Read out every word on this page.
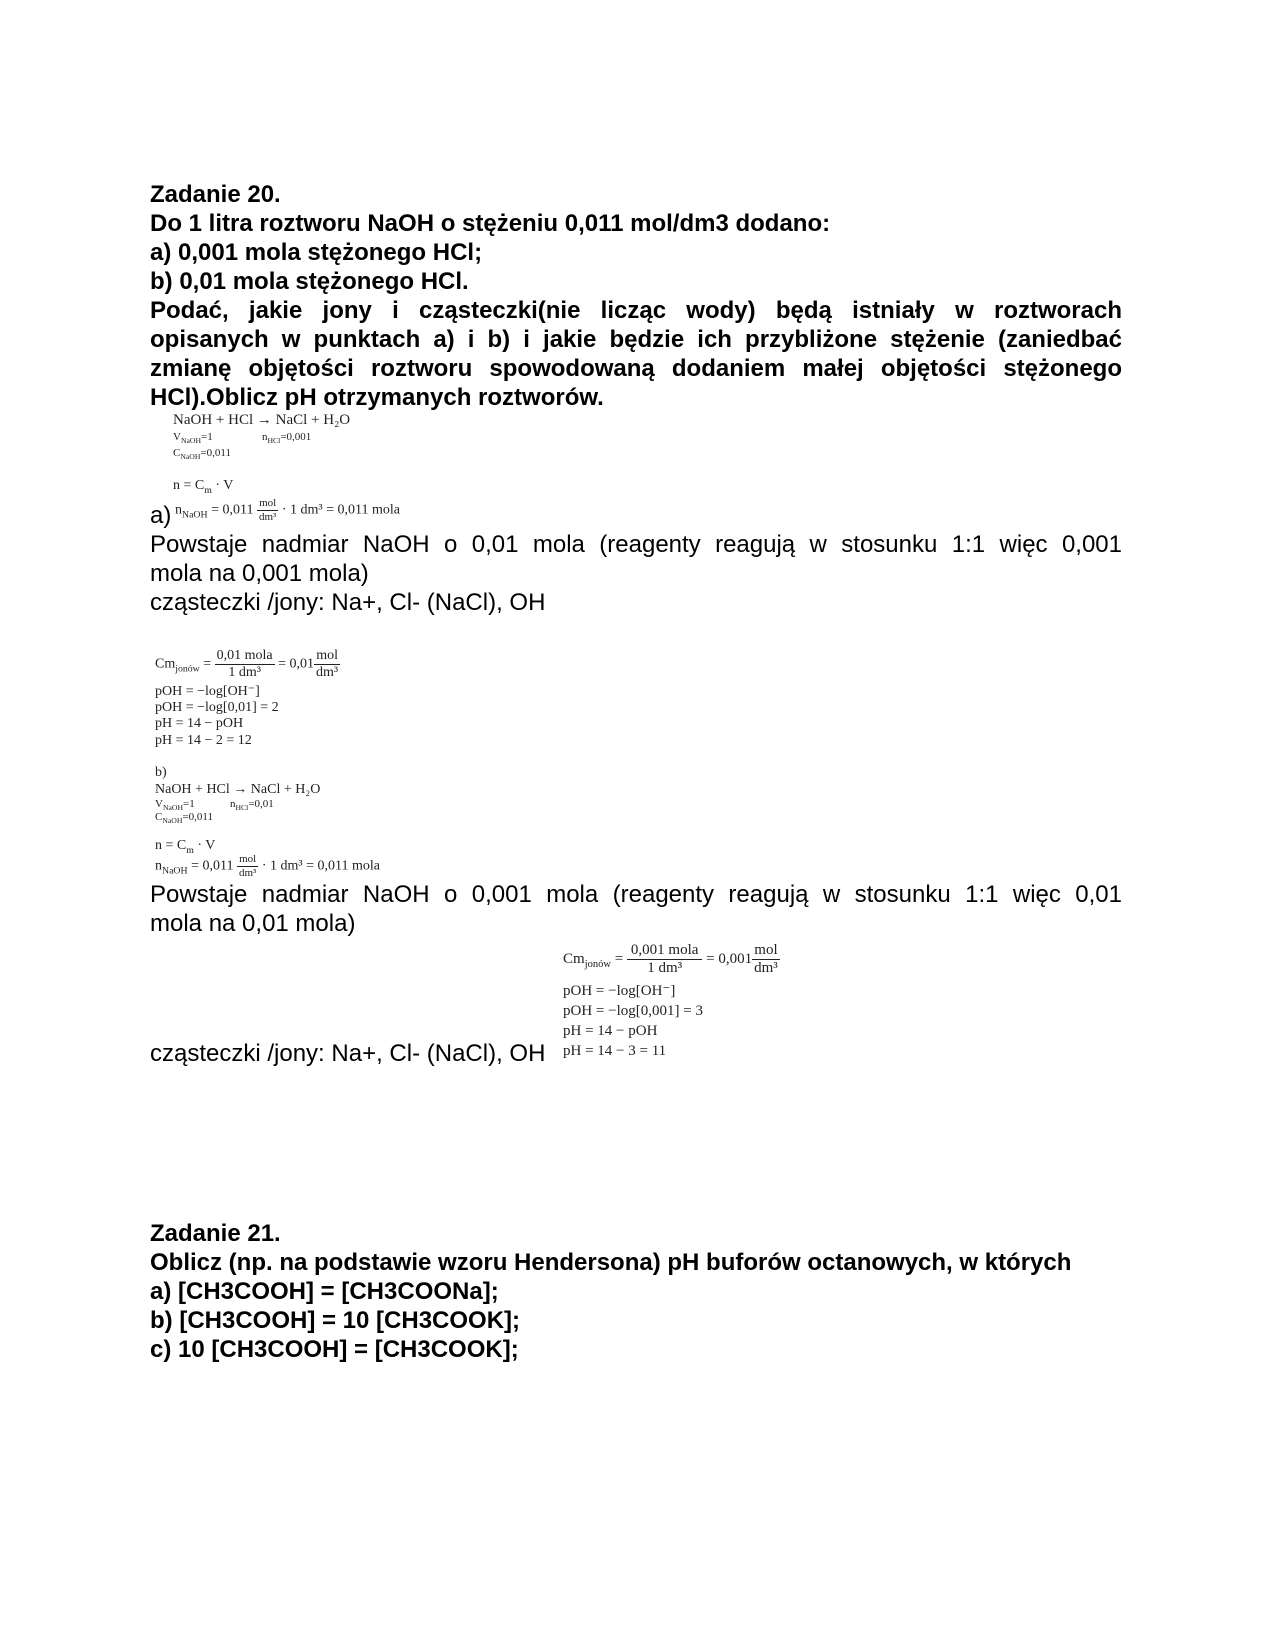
Zadanie 20.
Do 1 litra roztworu NaOH o stężeniu 0,011 mol/dm3 dodano:
a) 0,001 mola stężonego HCl;
b) 0,01 mola stężonego HCl.
Podać, jakie jony i cząsteczki(nie licząc wody) będą istniały w roztworach
opisanych w punktach a) i b) i jakie będzie ich przybliżone stężenie (zaniedbać
zmianę objętości roztworu spowodowaną dodaniem małej objętości stężonego
HCl).Oblicz pH otrzymanych roztworów.
NaOH + HCl → NaCl + H₂O
$V_{NaOH}=1$	$n_{HCl}=0,001$
$C_{NaOH}=0,011$
$n = C_m \cdot V$
a) $n_{NaOH} = 0,011 \frac{\text{mol}}{\text{dm³}} \cdot 1$ dm³ = 0,011 mola
Powstaje nadmiar NaOH o 0,01 mola (reagenty reagują w stosunku 1:1 więc 0,001
mola na 0,001 mola)
cząsteczki /jony: Na+, Cl- (NaCl), OH
$Cm_{jonów} = \frac{\text{0,01 mola}}{\text{1 dm³}} = 0,01 \frac{\text{mol}}{\text{dm³}}$
pOH = −log[OH⁻]
pOH = −log[0,01] = 2
pH = 14 − pOH
pH = 14 − 2 = 12
b)
NaOH + HCl → NaCl + H₂O
$V_{NaOH}=1$	$n_{HCl}=0,01$
$C_{NaOH}=0,011$
$n = C_m \cdot V$
$n_{NaOH} = 0,011 \frac{\text{mol}}{\text{dm³}} \cdot 1$ dm³ = 0,011 mola
Powstaje nadmiar NaOH o 0,001 mola (reagenty reagują w stosunku 1:1 więc 0,01
mola na 0,01 mola)
$Cm_{jonów} = \frac{\text{0,001 mola}}{\text{1 dm³}} = 0,001 \frac{\text{mol}}{\text{dm³}}$
pOH = −log[OH⁻]
pOH = −log[0,001] = 3
pH = 14 − pOH
pH = 14 − 3 = 11
cząsteczki /jony: Na+, Cl- (NaCl), OH
Zadanie 21.
Oblicz (np. na podstawie wzoru Hendersona) pH buforów octanowych, w których
a) [CH3COOH] = [CH3COONa];
b) [CH3COOH] = 10 [CH3COOK];
c) 10 [CH3COOH] = [CH3COOK];
